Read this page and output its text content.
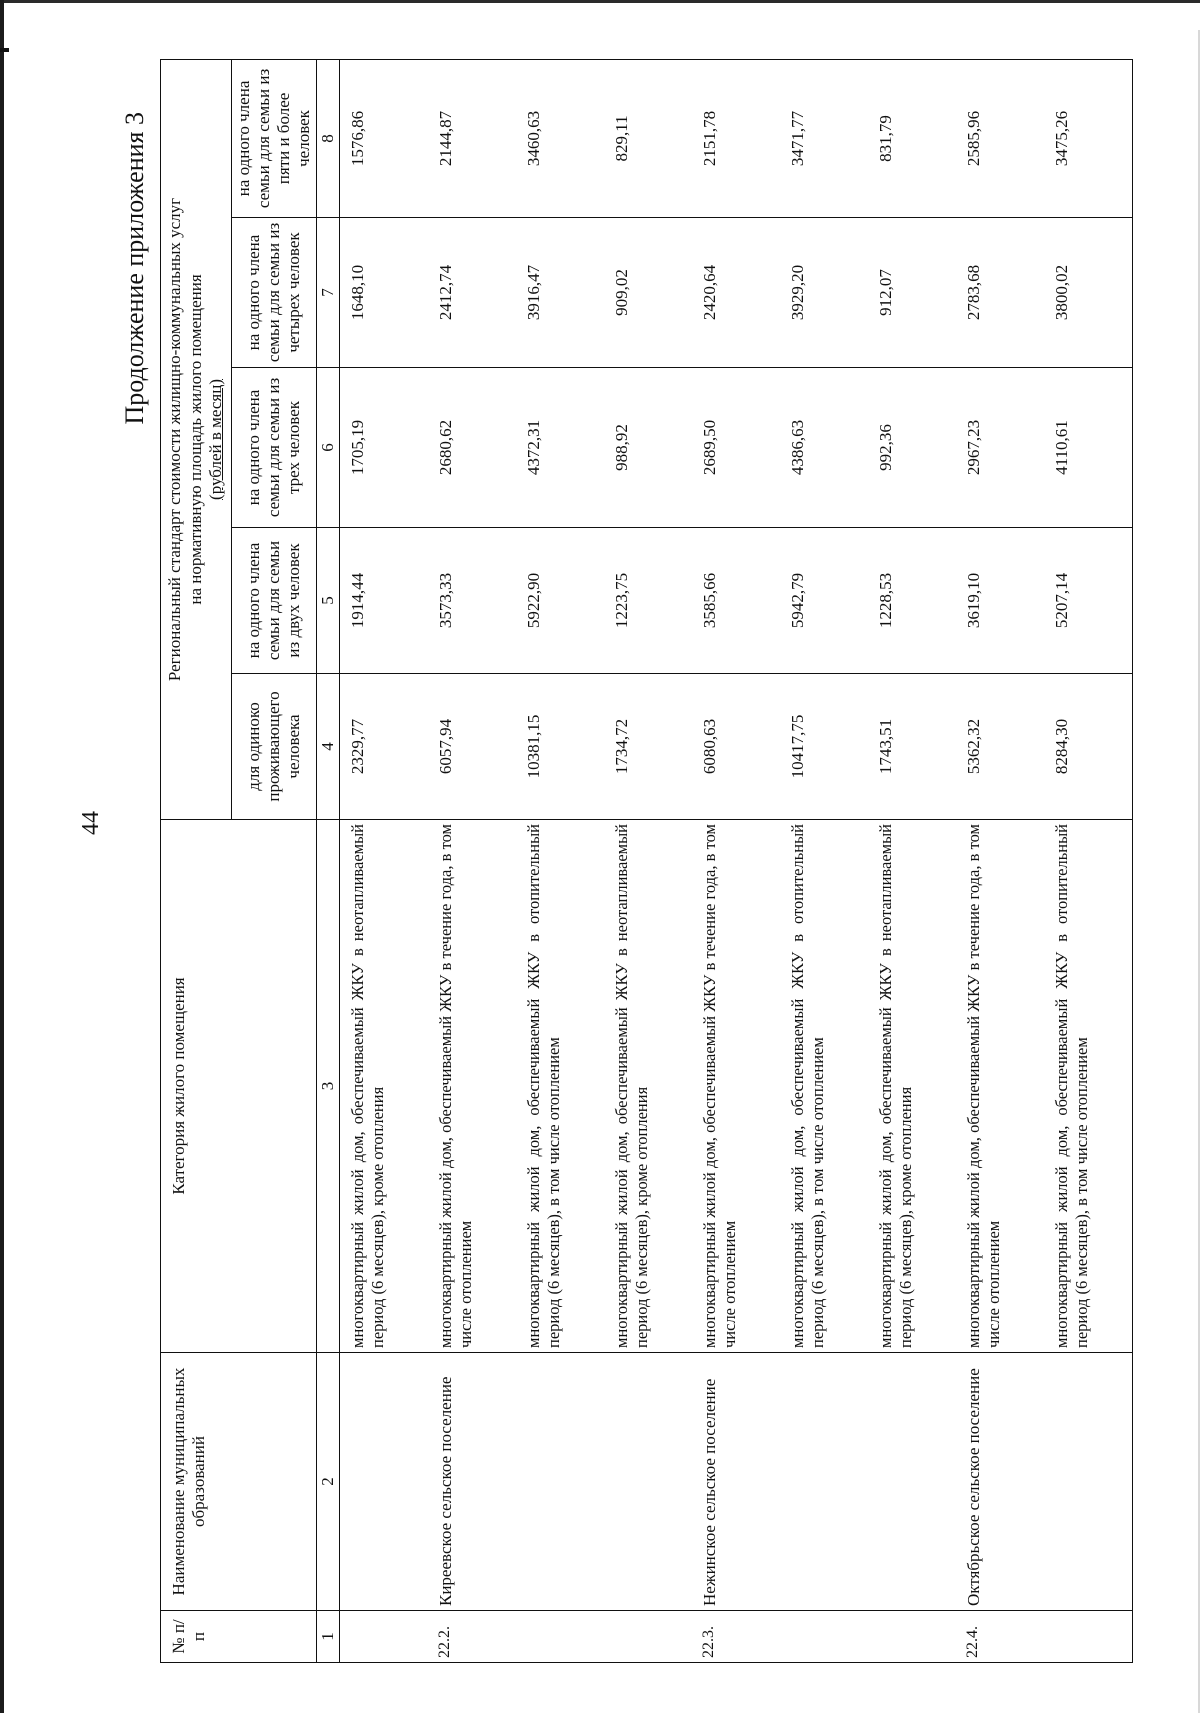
44
Продолжение приложения 3
№ п/п	Наименование муниципальных образований	Категория жилого помещения	Региональный стандарт стоимости жилищно-коммунальных услуг на нормативную площадь жилого помещения (рублей в месяц)				

			для одиноко проживающего человека	на одного члена семьи для семьи из двух человек	на одного члена семьи для семьи из трех человек	на одного члена семьи для семьи из четырех человек	на одного члена семьи для семьи из пяти и более человек
1	2	3	4	5	6	7	8
		многоквартирный жилой дом, обеспечиваемый ЖКУ в неотапливаемый период (6 месяцев), кроме отопления	2329,77	1914,44	1705,19	1648,10	1576,86
22.2.	Киреевское сельское поселение	многоквартирный жилой дом, обеспечиваемый ЖКУ в течение года, в том числе отоплением	6057,94	3573,33	2680,62	2412,74	2144,87
		многоквартирный жилой дом, обеспечиваемый ЖКУ в отопительный период (6 месяцев), в том числе отоплением	10381,15	5922,90	4372,31	3916,47	3460,63
		многоквартирный жилой дом, обеспечиваемый ЖКУ в неотапливаемый период (6 месяцев), кроме отопления	1734,72	1223,75	988,92	909,02	829,11
22.3.	Нежинское сельское поселение	многоквартирный жилой дом, обеспечиваемый ЖКУ в течение года, в том числе отоплением	6080,63	3585,66	2689,50	2420,64	2151,78
		многоквартирный жилой дом, обеспечиваемый ЖКУ в отопительный период (6 месяцев), в том числе отоплением	10417,75	5942,79	4386,63	3929,20	3471,77
		многоквартирный жилой дом, обеспечиваемый ЖКУ в неотапливаемый период (6 месяцев), кроме отопления	1743,51	1228,53	992,36	912,07	831,79
22.4.	Октябрьское сельское поселение	многоквартирный жилой дом, обеспечиваемый ЖКУ в течение года, в том числе отоплением	5362,32	3619,10	2967,23	2783,68	2585,96
		многоквартирный жилой дом, обеспечиваемый ЖКУ в отопительный период (6 месяцев), в том числе отоплением	8284,30	5207,14	4110,61	3800,02	3475,26
